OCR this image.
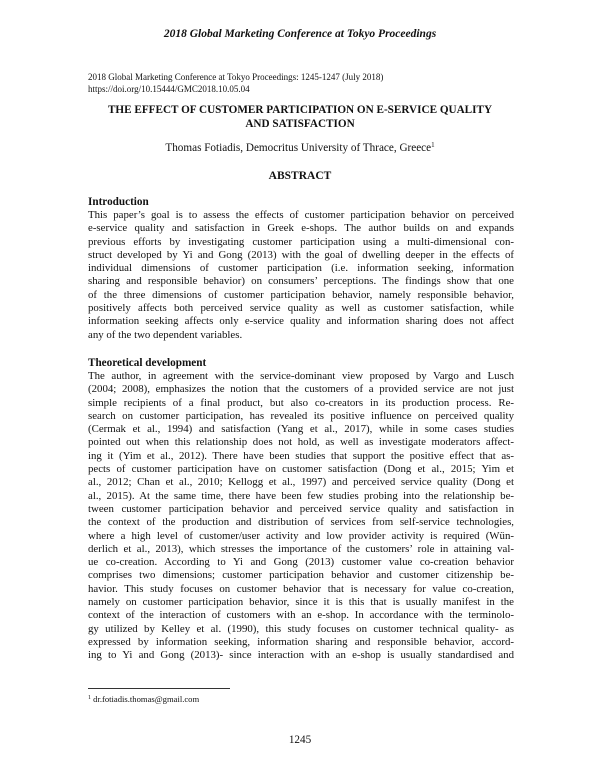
2018 Global Marketing Conference at Tokyo Proceedings
2018 Global Marketing Conference at Tokyo Proceedings: 1245-1247 (July 2018)
https://doi.org/10.15444/GMC2018.10.05.04
THE EFFECT OF CUSTOMER PARTICIPATION ON E-SERVICE QUALITY
AND SATISFACTION
Thomas Fotiadis, Democritus University of Thrace, Greece$^1$
ABSTRACT
Introduction
This paper’s goal is to assess the effects of customer participation behavior on perceived
e-service quality and satisfaction in Greek e-shops. The author builds on and expands
previous efforts by investigating customer participation using a multi-dimensional con-
struct developed by Yi and Gong (2013) with the goal of dwelling deeper in the effects of
individual dimensions of customer participation (i.e. information seeking, information
sharing and responsible behavior) on consumers’ perceptions. The findings show that one
of the three dimensions of customer participation behavior, namely responsible behavior,
positively affects both perceived service quality as well as customer satisfaction, while
information seeking affects only e-service quality and information sharing does not affect
any of the two dependent variables.
Theoretical development
The author, in agreement with the service-dominant view proposed by Vargo and Lusch
(2004; 2008), emphasizes the notion that the customers of a provided service are not just
simple recipients of a final product, but also co-creators in its production process. Re-
search on customer participation, has revealed its positive influence on perceived quality
(Cermak et al., 1994) and satisfaction (Yang et al., 2017), while in some cases studies
pointed out when this relationship does not hold, as well as investigate moderators affect-
ing it (Yim et al., 2012). There have been studies that support the positive effect that as-
pects of customer participation have on customer satisfaction (Dong et al., 2015; Yim et
al., 2012; Chan et al., 2010; Kellogg et al., 1997) and perceived service quality (Dong et
al., 2015). At the same time, there have been few studies probing into the relationship be-
tween customer participation behavior and perceived service quality and satisfaction in
the context of the production and distribution of services from self-service technologies,
where a high level of customer/user activity and low provider activity is required (Wün-
derlich et al., 2013), which stresses the importance of the customers’ role in attaining val-
ue co-creation. According to Yi and Gong (2013) customer value co-creation behavior
comprises two dimensions; customer participation behavior and customer citizenship be-
havior. This study focuses on customer behavior that is necessary for value co-creation,
namely on customer participation behavior, since it is this that is usually manifest in the
context of the interaction of customers with an e-shop. In accordance with the terminolo-
gy utilized by Kelley et al. (1990), this study focuses on customer technical quality- as
expressed by information seeking, information sharing and responsible behavior, accord-
ing to Yi and Gong (2013)- since interaction with an e-shop is usually standardised and
$^1$ dr.fotiadis.thomas@gmail.com
1245
